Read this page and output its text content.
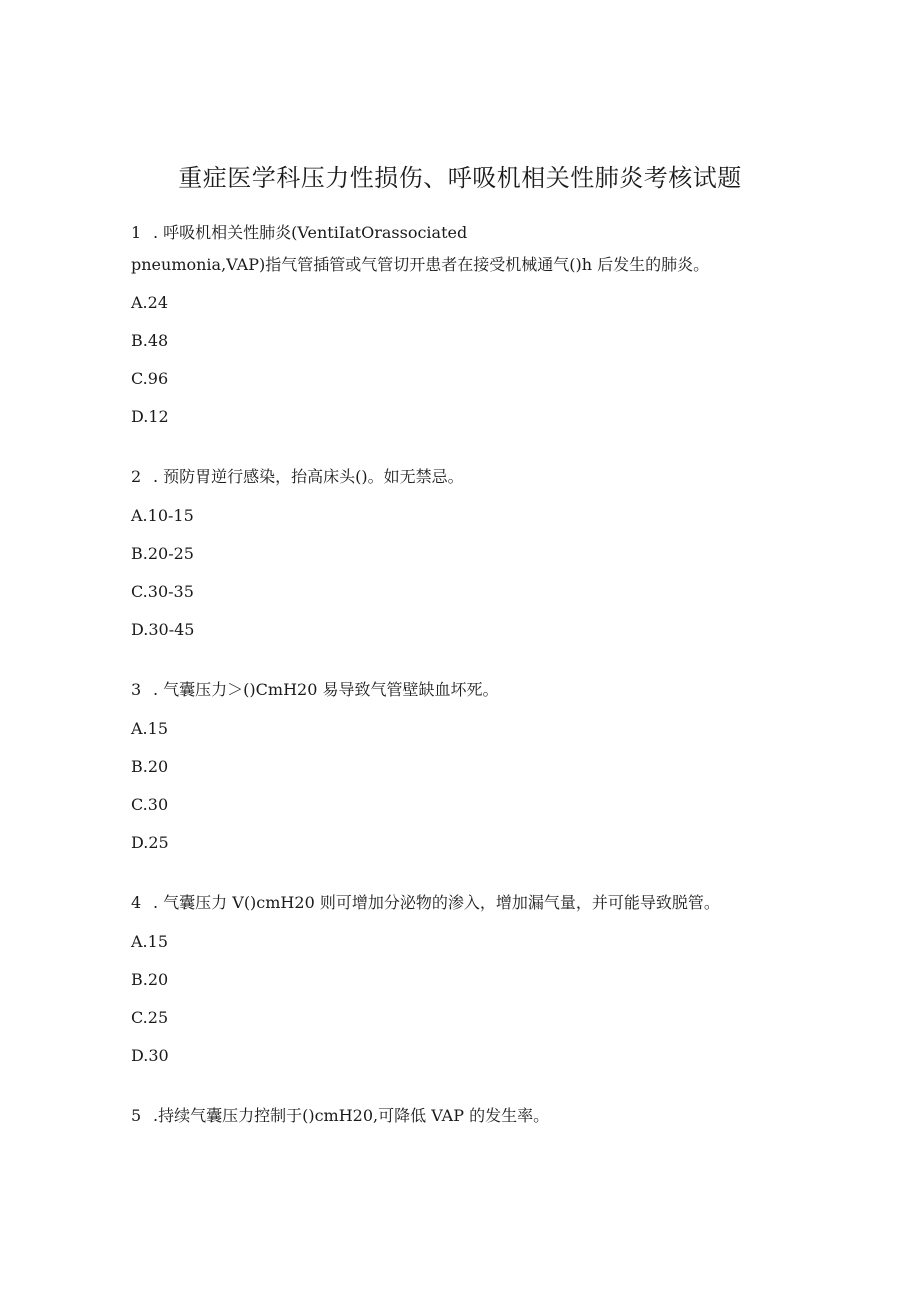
重症医学科压力性损伤、呼吸机相关性肺炎考核试题
1 . 呼吸机相关性肺炎(VentiIatOrassociated
pneumonia,VAP)指气管插管或气管切开患者在接受机械通气()h 后发生的肺炎。
A.24
B.48
C.96
D.12
2 . 预防胃逆行感染，抬高床头()。如无禁忌。
A.10-15
B.20-25
C.30-35
D.30-45
3 . 气囊压力＞()CmH20 易导致气管壁缺血坏死。
A.15
B.20
C.30
D.25
4 . 气囊压力 V()cmH20 则可增加分泌物的渗入，增加漏气量，并可能导致脱管。
A.15
B.20
C.25
D.30
5 .持续气囊压力控制于()cmH20,可降低 VAP 的发生率。
